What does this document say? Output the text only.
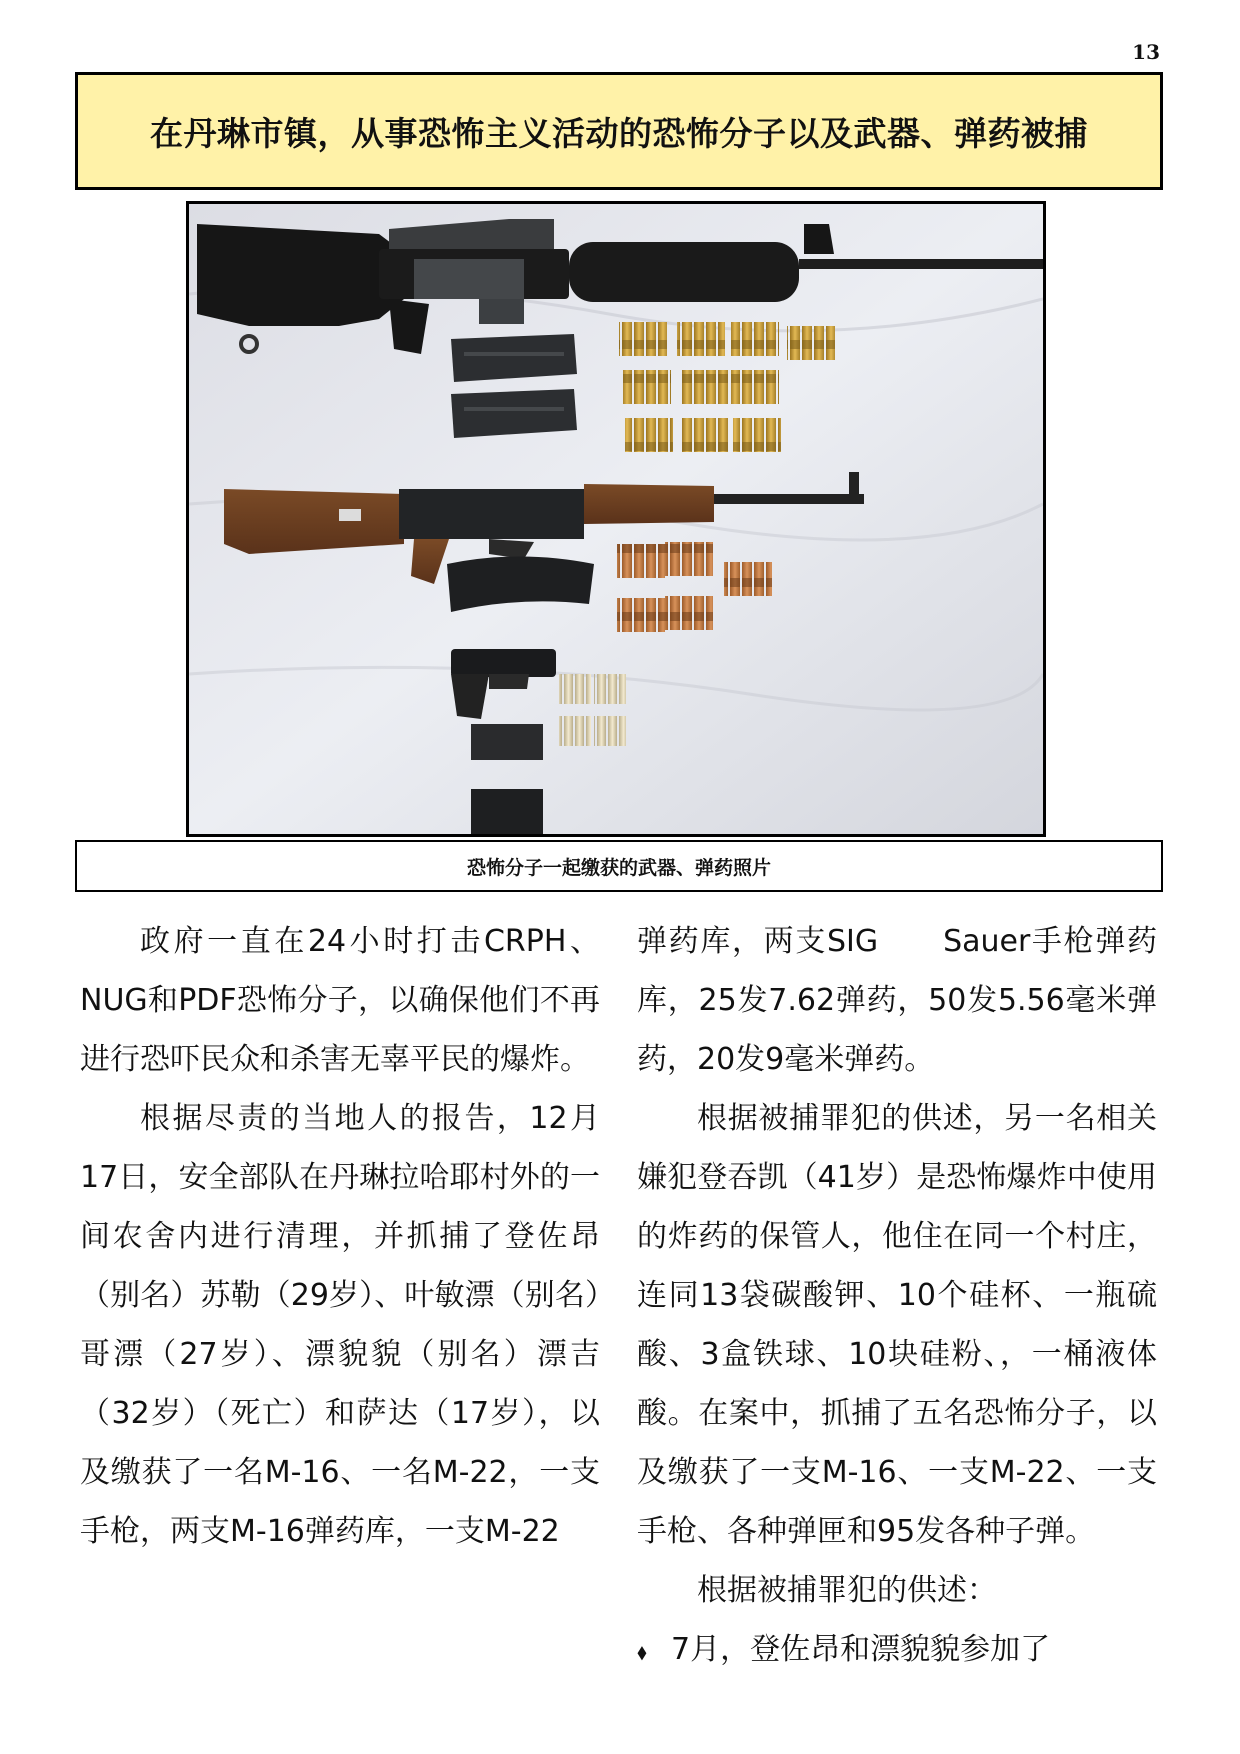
13
在丹琳市镇，从事恐怖主义活动的恐怖分子以及武器、弹药被捕
恐怖分子一起缴获的武器、弹药照片

政府一直在24小时打击CRPH、NUG和PDF恐怖分子，以确保他们不再进行恐吓民众和杀害无辜平民的爆炸。

根据尽责的当地人的报告，12月17日，安全部队在丹琳拉哈耶村外的一间农舍内进行清理，并抓捕了登佐昂（别名）苏勒（29岁）、叶敏漂（别名）哥漂（27岁）、漂貌貌（别名）漂吉（32岁）（死亡）和萨达（17岁），以及缴获了一名M-16、一名M-22，一支手枪，两支M-16弹药库，一支M-22

弹药库，两支SIG　　Sauer手枪弹药库，25发7.62弹药，50发5.56毫米弹药，20发9毫米弹药。

根据被捕罪犯的供述，另一名相关嫌犯登吞凯（41岁）是恐怖爆炸中使用的炸药的保管人，他住在同一个村庄，连同13袋碳酸钾、10个硅杯、一瓶硫酸、3盒铁球、10块硅粉、，一桶液体酸。在案中，抓捕了五名恐怖分子，以及缴获了一支M-16、一支M-22、一支手枪、各种弹匣和95发各种子弹。

根据被捕罪犯的供述：

⬧ 7月，登佐昂和漂貌貌参加了
